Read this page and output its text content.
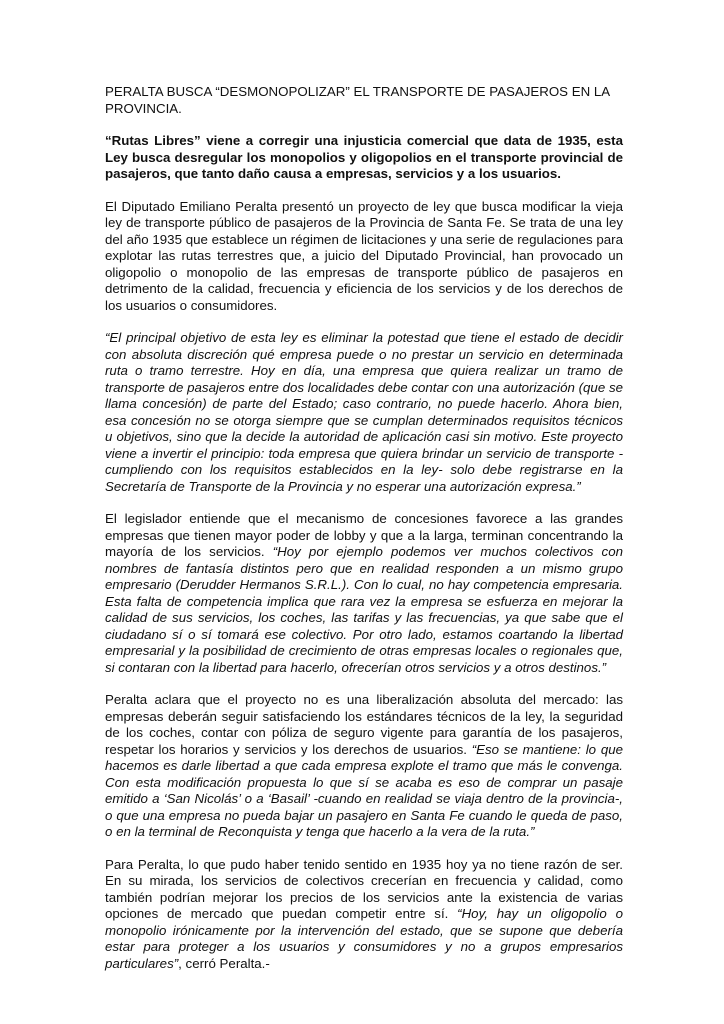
PERALTA BUSCA “DESMONOPOLIZAR” EL TRANSPORTE DE PASAJEROS EN LA PROVINCIA.

“Rutas Libres” viene a corregir una injusticia comercial que data de 1935, esta Ley busca desregular los monopolios y oligopolios en el transporte provincial de pasajeros, que tanto daño causa a empresas, servicios y a los usuarios.

El Diputado Emiliano Peralta presentó un proyecto de ley que busca modificar la vieja ley de transporte público de pasajeros de la Provincia de Santa Fe. Se trata de una ley del año 1935 que establece un régimen de licitaciones y una serie de regulaciones para explotar las rutas terrestres que, a juicio del Diputado Provincial, han provocado un oligopolio o monopolio de las empresas de transporte público de pasajeros en detrimento de la calidad, frecuencia y eficiencia de los servicios y de los derechos de los usuarios o consumidores.

“El principal objetivo de esta ley es eliminar la potestad que tiene el estado de decidir con absoluta discreción qué empresa puede o no prestar un servicio en determinada ruta o tramo terrestre. Hoy en día, una empresa que quiera realizar un tramo de transporte de pasajeros entre dos localidades debe contar con una autorización (que se llama concesión) de parte del Estado; caso contrario, no puede hacerlo. Ahora bien, esa concesión no se otorga siempre que se cumplan determinados requisitos técnicos u objetivos, sino que la decide la autoridad de aplicación casi sin motivo. Este proyecto viene a invertir el principio: toda empresa que quiera brindar un servicio de transporte -cumpliendo con los requisitos establecidos en la ley- solo debe registrarse en la Secretaría de Transporte de la Provincia y no esperar una autorización expresa.”

El legislador entiende que el mecanismo de concesiones favorece a las grandes empresas que tienen mayor poder de lobby y que a la larga, terminan concentrando la mayoría de los servicios. “Hoy por ejemplo podemos ver muchos colectivos con nombres de fantasía distintos pero que en realidad responden a un mismo grupo empresario (Derudder Hermanos S.R.L.). Con lo cual, no hay competencia empresaria. Esta falta de competencia implica que rara vez la empresa se esfuerza en mejorar la calidad de sus servicios, los coches, las tarifas y las frecuencias, ya que sabe que el ciudadano sí o sí tomará ese colectivo. Por otro lado, estamos coartando la libertad empresarial y la posibilidad de crecimiento de otras empresas locales o regionales que, si contaran con la libertad para hacerlo, ofrecerían otros servicios y a otros destinos.”

Peralta aclara que el proyecto no es una liberalización absoluta del mercado: las empresas deberán seguir satisfaciendo los estándares técnicos de la ley, la seguridad de los coches, contar con póliza de seguro vigente para garantía de los pasajeros, respetar los horarios y servicios y los derechos de usuarios. “Eso se mantiene: lo que hacemos es darle libertad a que cada empresa explote el tramo que más le convenga. Con esta modificación propuesta lo que sí se acaba es eso de comprar un pasaje emitido a ‘San Nicolás’ o a ‘Basail’ -cuando en realidad se viaja dentro de la provincia-, o que una empresa no pueda bajar un pasajero en Santa Fe cuando le queda de paso, o en la terminal de Reconquista y tenga que hacerlo a la vera de la ruta.”

Para Peralta, lo que pudo haber tenido sentido en 1935 hoy ya no tiene razón de ser. En su mirada, los servicios de colectivos crecerían en frecuencia y calidad, como también podrían mejorar los precios de los servicios ante la existencia de varias opciones de mercado que puedan competir entre sí. “Hoy, hay un oligopolio o monopolio irónicamente por la intervención del estado, que se supone que debería estar para proteger a los usuarios y consumidores y no a grupos empresarios particulares”, cerró Peralta.-
